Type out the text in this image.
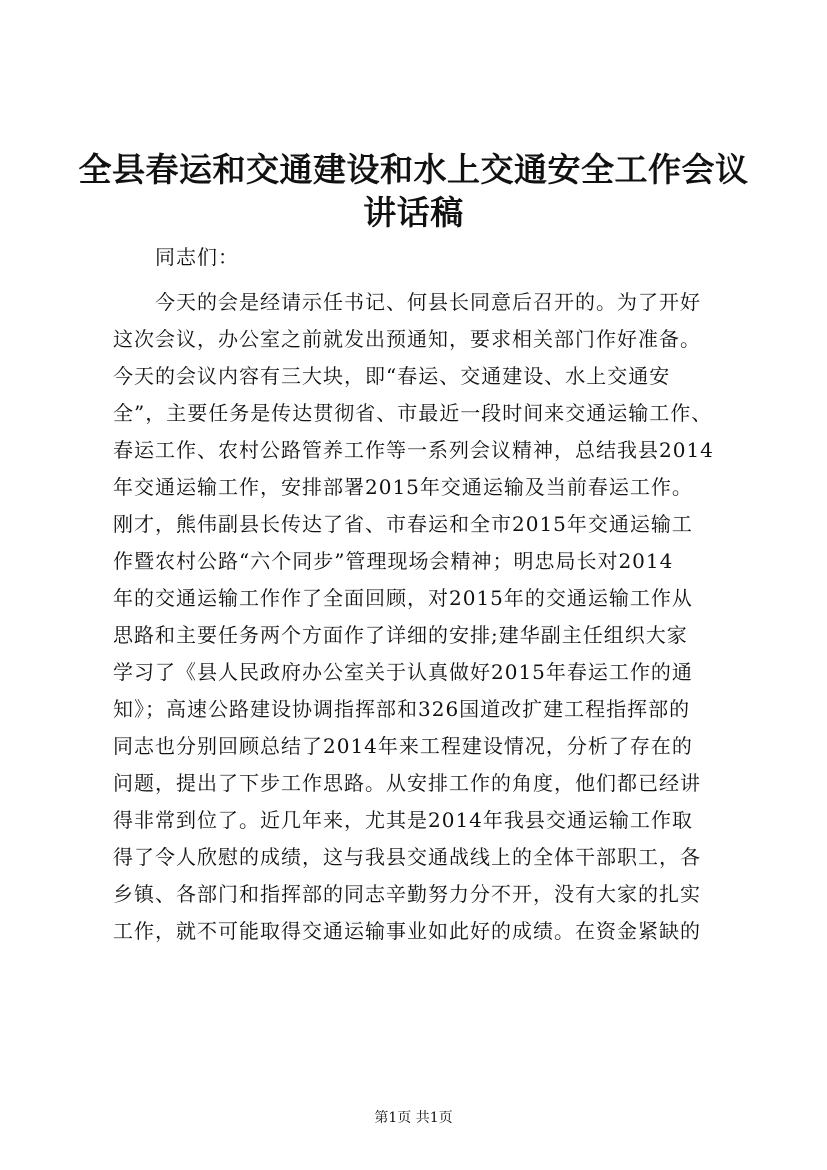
全县春运和交通建设和水上交通安全工作会议
讲话稿
同志们：
今天的会是经请示任书记、何县长同意后召开的。为了开好
这次会议，办公室之前就发出预通知，要求相关部门作好准备。
今天的会议内容有三大块，即“春运、交通建设、水上交通安
全”，主要任务是传达贯彻省、市最近一段时间来交通运输工作、
春运工作、农村公路管养工作等一系列会议精神，总结我县2014
年交通运输工作，安排部署2015年交通运输及当前春运工作。
刚才，熊伟副县长传达了省、市春运和全市2015年交通运输工
作暨农村公路“六个同步”管理现场会精神；明忠局长对2014
年的交通运输工作作了全面回顾，对2015年的交通运输工作从
思路和主要任务两个方面作了详细的安排;建华副主任组织大家
学习了《县人民政府办公室关于认真做好2015年春运工作的通
知》；高速公路建设协调指挥部和326国道改扩建工程指挥部的
同志也分别回顾总结了2014年来工程建设情况，分析了存在的
问题，提出了下步工作思路。从安排工作的角度，他们都已经讲
得非常到位了。近几年来，尤其是2014年我县交通运输工作取
得了令人欣慰的成绩，这与我县交通战线上的全体干部职工，各
乡镇、各部门和指挥部的同志辛勤努力分不开，没有大家的扎实
工作，就不可能取得交通运输事业如此好的成绩。在资金紧缺的
第1页 共1页
